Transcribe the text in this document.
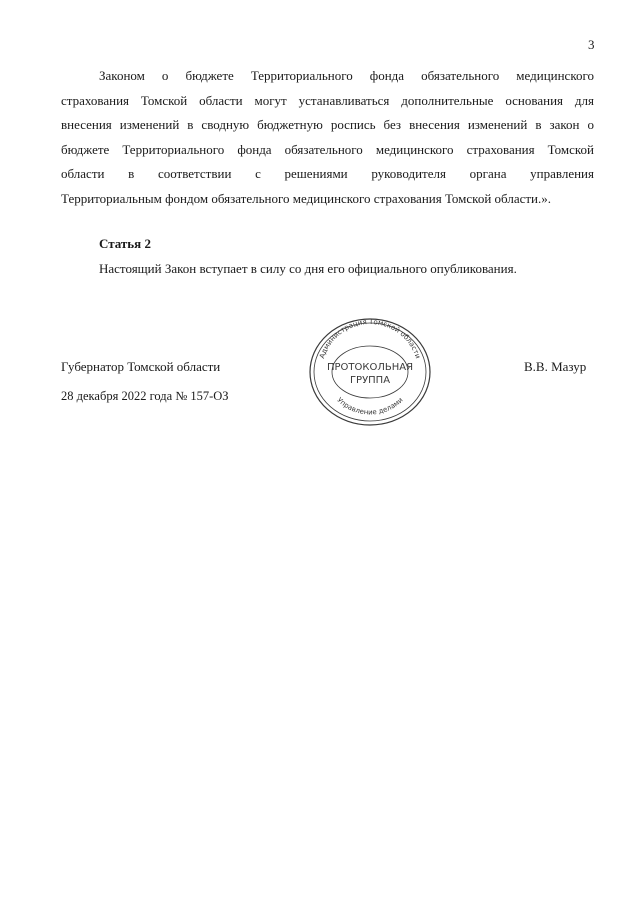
3
Законом о бюджете Территориального фонда обязательного медицинского
страхования Томской области могут устанавливаться дополнительные основания для
внесения изменений в сводную бюджетную роспись без внесения изменений в закон о
бюджете Территориального фонда обязательного медицинского страхования Томской
области в соответствии с решениями руководителя органа управления
Территориальным фондом обязательного медицинского страхования Томской области.».
Статья 2
Настоящий Закон вступает в силу со дня его официального опубликования.
Губернатор Томской области
28 декабря 2022 года № 157-ОЗ
В.В. Мазур
Администрация Томской области
Управление делами
ПРОТОКОЛЬНАЯ
ГРУППА
